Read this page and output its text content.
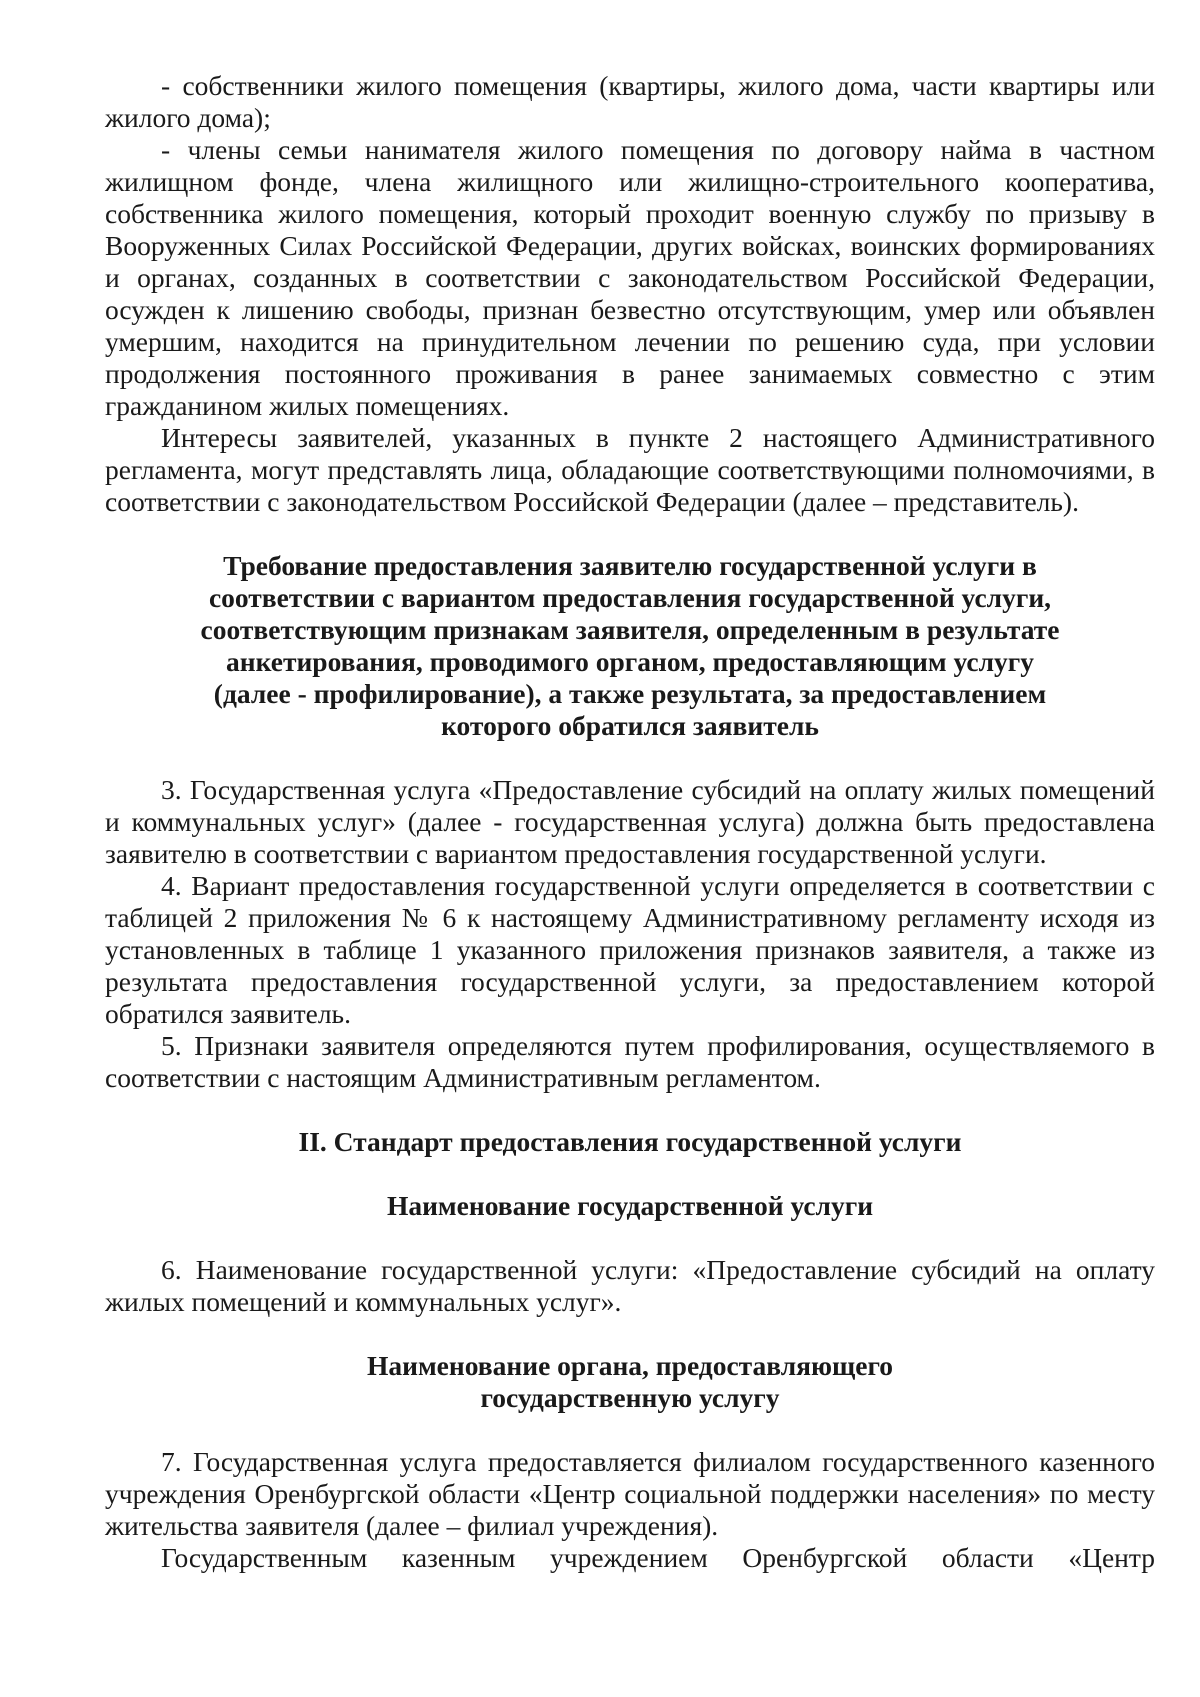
- собственники жилого помещения (квартиры, жилого дома, части квартиры или жилого дома);

- члены семьи нанимателя жилого помещения по договору найма в частном жилищном фонде, члена жилищного или жилищно-строительного кооператива, собственника жилого помещения, который проходит военную службу по призыву в Вооруженных Силах Российской Федерации, других войсках, воинских формированиях и органах, созданных в соответствии с законодательством Российской Федерации, осужден к лишению свободы, признан безвестно отсутствующим, умер или объявлен умершим, находится на принудительном лечении по решению суда, при условии продолжения постоянного проживания в ранее занимаемых совместно с этим гражданином жилых помещениях.

Интересы заявителей, указанных в пункте 2 настоящего Административного регламента, могут представлять лица, обладающие соответствующими полномочиями, в соответствии с законодательством Российской Федерации (далее – представитель).

Требование предоставления заявителю государственной услуги в
соответствии с вариантом предоставления государственной услуги,
соответствующим признакам заявителя, определенным в результате
анкетирования, проводимого органом, предоставляющим услугу
(далее - профилирование), а также результата, за предоставлением
которого обратился заявитель

3. Государственная услуга «Предоставление субсидий на оплату жилых помещений и коммунальных услуг» (далее - государственная услуга) должна быть предоставлена заявителю в соответствии с вариантом предоставления государственной услуги.

4. Вариант предоставления государственной услуги определяется в соответствии с таблицей 2 приложения № 6 к настоящему Административному регламенту исходя из установленных в таблице 1 указанного приложения признаков заявителя, а также из результата предоставления государственной услуги, за предоставлением которой обратился заявитель.

5. Признаки заявителя определяются путем профилирования, осуществляемого в соответствии с настоящим Административным регламентом.

II. Стандарт предоставления государственной услуги

Наименование государственной услуги

6. Наименование государственной услуги: «Предоставление субсидий на оплату жилых помещений и коммунальных услуг».

Наименование органа, предоставляющего
государственную услугу

7. Государственная услуга предоставляется филиалом государственного казенного учреждения Оренбургской области «Центр социальной поддержки населения» по месту жительства заявителя (далее – филиал учреждения).

Государственным казенным учреждением Оренбургской области «Центр
